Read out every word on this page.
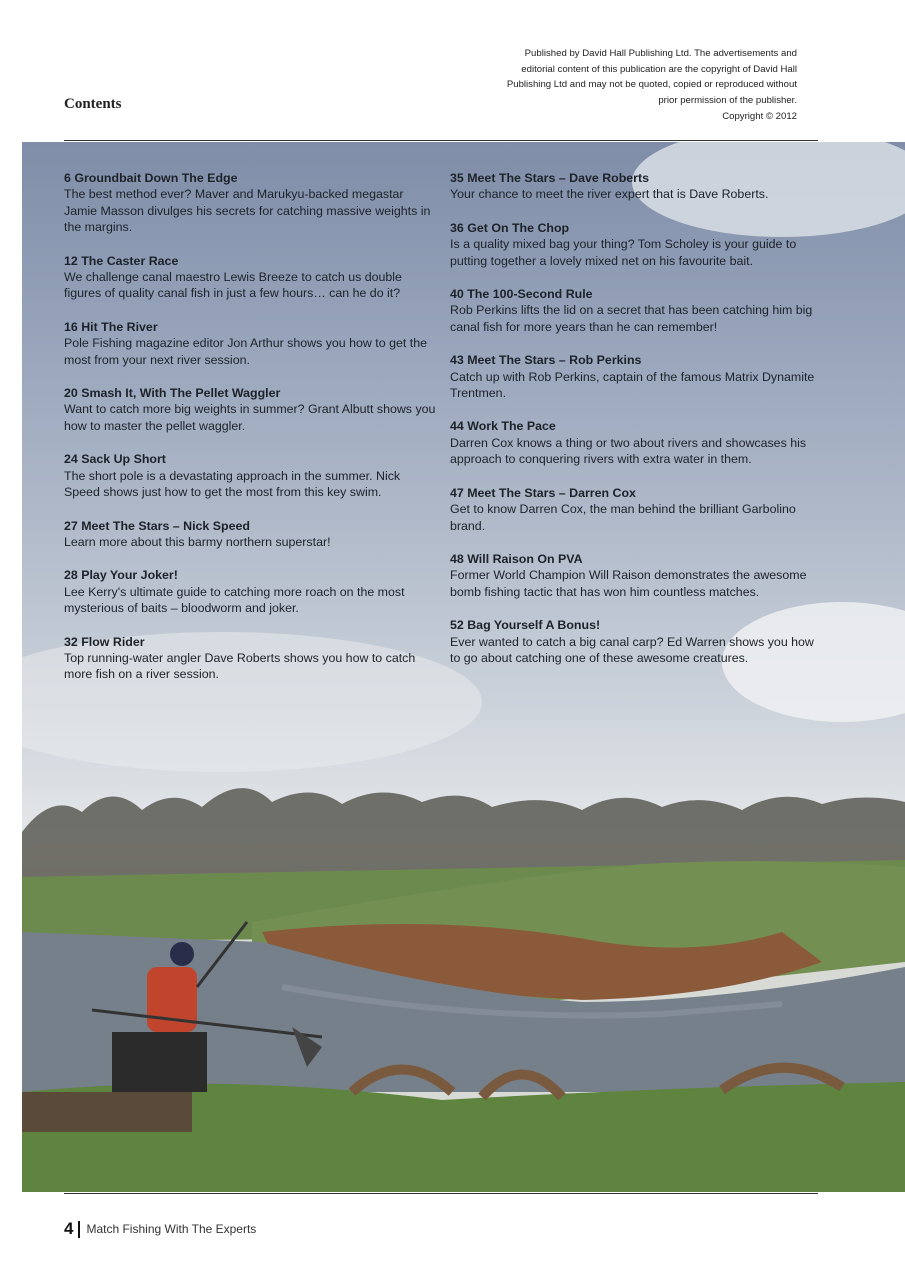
Contents
Published by David Hall Publishing Ltd. The advertisements and editorial content of this publication are the copyright of David Hall Publishing Ltd and may not be quoted, copied or reproduced without prior permission of the publisher.
Copyright © 2012
6 Groundbait Down The Edge
The best method ever? Maver and Marukyu-backed megastar Jamie Masson divulges his secrets for catching massive weights in the margins.
12 The Caster Race
We challenge canal maestro Lewis Breeze to catch us double figures of quality canal fish in just a few hours… can he do it?
16 Hit The River
Pole Fishing magazine editor Jon Arthur shows you how to get the most from your next river session.
20 Smash It, With The Pellet Waggler
Want to catch more big weights in summer? Grant Albutt shows you how to master the pellet waggler.
24 Sack Up Short
The short pole is a devastating approach in the summer. Nick Speed shows just how to get the most from this key swim.
27 Meet The Stars – Nick Speed
Learn more about this barmy northern superstar!
28 Play Your Joker!
Lee Kerry's ultimate guide to catching more roach on the most mysterious of baits – bloodworm and joker.
32 Flow Rider
Top running-water angler Dave Roberts shows you how to catch more fish on a river session.
35 Meet The Stars – Dave Roberts
Your chance to meet the river expert that is Dave Roberts.
36 Get On The Chop
Is a quality mixed bag your thing? Tom Scholey is your guide to putting together a lovely mixed net on his favourite bait.
40 The 100-Second Rule
Rob Perkins lifts the lid on a secret that has been catching him big canal fish for more years than he can remember!
43 Meet The Stars – Rob Perkins
Catch up with Rob Perkins, captain of the famous Matrix Dynamite Trentmen.
44 Work The Pace
Darren Cox knows a thing or two about rivers and showcases his approach to conquering rivers with extra water in them.
47 Meet The Stars – Darren Cox
Get to know Darren Cox, the man behind the brilliant Garbolino brand.
48 Will Raison On PVA
Former World Champion Will Raison demonstrates the awesome bomb fishing tactic that has won him countless matches.
52 Bag Yourself A Bonus!
Ever wanted to catch a big canal carp? Ed Warren shows you how to go about catching one of these awesome creatures.
4 Match Fishing With The Experts
